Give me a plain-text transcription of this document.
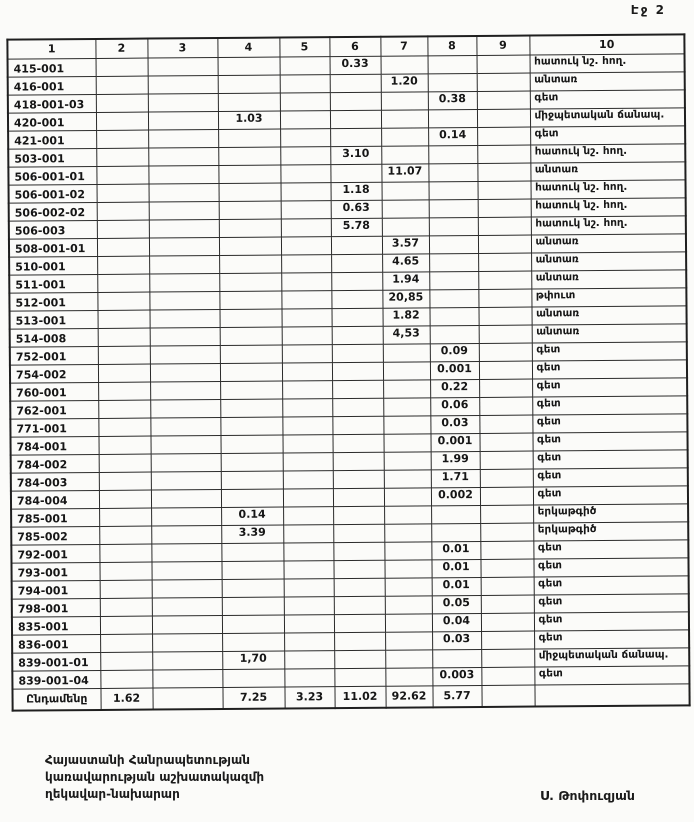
Էջ 2
1	2	3	4	5	6	7	8	9	10
415-001					0.33				հատուկ նշ. հող.
416-001						1.20			անտառ
418-001-03							0.38		գետ
420-001			1.03						միջպետական ճանապ.
421-001							0.14		գետ
503-001					3.10				հատուկ նշ. հող.
506-001-01						11.07			անտառ
506-001-02					1.18				հատուկ նշ. հող.
506-002-02					0.63				հատուկ նշ. հող.
506-003					5.78				հատուկ նշ. հող.
508-001-01						3.57			անտառ
510-001						4.65			անտառ
511-001						1.94			անտառ
512-001						20,85			թփուտ
513-001						1.82			անտառ
514-008						4,53			անտառ
752-001							0.09		գետ
754-002							0.001		գետ
760-001							0.22		գետ
762-001							0.06		գետ
771-001							0.03		գետ
784-001							0.001		գետ
784-002							1.99		գետ
784-003							1.71		գետ
784-004							0.002		գետ
785-001			0.14						երկաթգիծ
785-002			3.39						երկաթգիծ
792-001							0.01		գետ
793-001							0.01		գետ
794-001							0.01		գետ
798-001							0.05		գետ
835-001							0.04		գետ
836-001							0.03		գետ
839-001-01			1,70						միջպետական ճանապ.
839-001-04							0.003		գետ
Ընդամենը	1.62		7.25	3.23	11.02	92.62	5.77		
Հայաստանի Հանրապետության
կառավարության աշխատակազմի
ղեկավար-նախարար	Ս. Թոփուզյան
